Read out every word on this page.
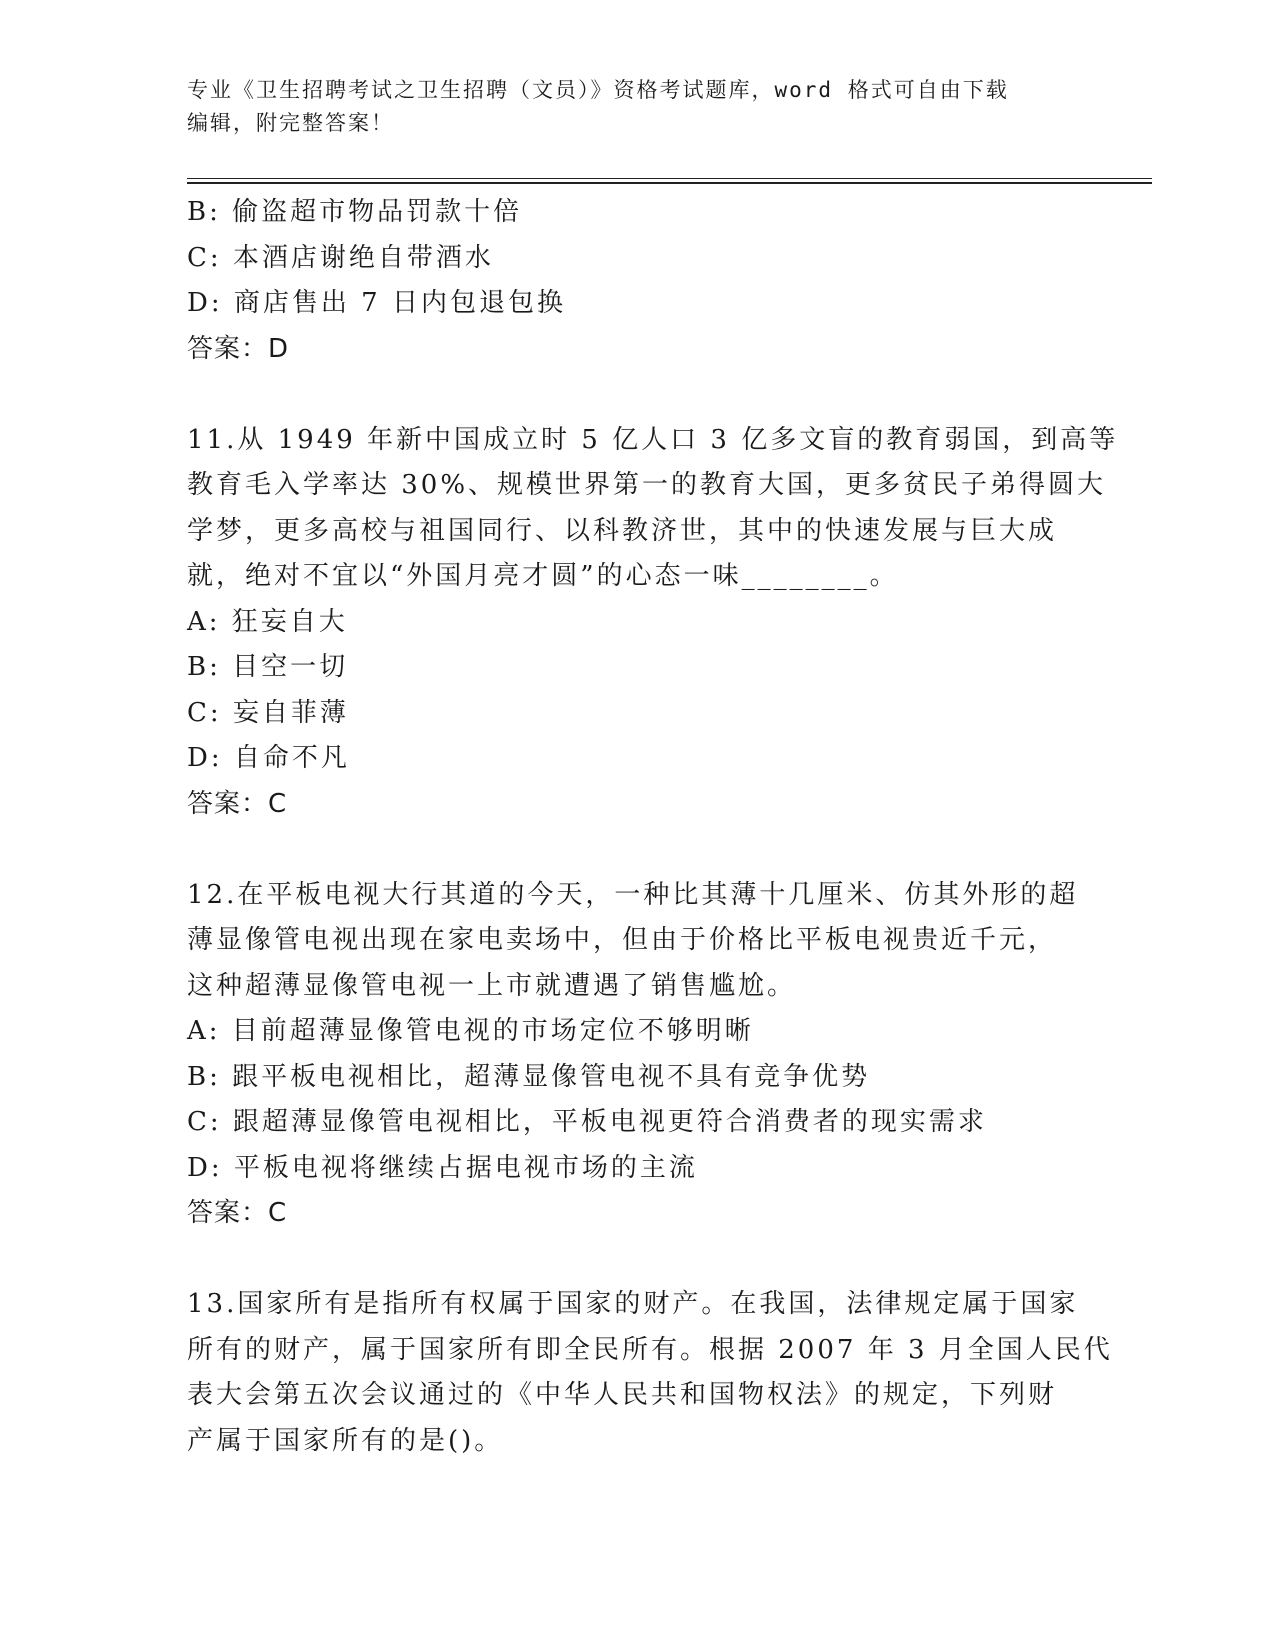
专业《卫生招聘考试之卫生招聘（文员）》资格考试题库，word 格式可自由下载
编辑，附完整答案！
B: 偷盗超市物品罚款十倍
C: 本酒店谢绝自带酒水
D: 商店售出 7 日内包退包换
答案：D
11.从 1949 年新中国成立时 5 亿人口 3 亿多文盲的教育弱国，到高等
教育毛入学率达 30%、规模世界第一的教育大国，更多贫民子弟得圆大
学梦，更多高校与祖国同行、以科教济世，其中的快速发展与巨大成
就，绝对不宜以“外国月亮才圆”的心态一味________。
A: 狂妄自大
B: 目空一切
C: 妄自菲薄
D: 自命不凡
答案：C
12.在平板电视大行其道的今天，一种比其薄十几厘米、仿其外形的超
薄显像管电视出现在家电卖场中，但由于价格比平板电视贵近千元，
这种超薄显像管电视一上市就遭遇了销售尴尬。
A: 目前超薄显像管电视的市场定位不够明晰
B: 跟平板电视相比，超薄显像管电视不具有竞争优势
C: 跟超薄显像管电视相比，平板电视更符合消费者的现实需求
D: 平板电视将继续占据电视市场的主流
答案：C
13.国家所有是指所有权属于国家的财产。在我国，法律规定属于国家
所有的财产，属于国家所有即全民所有。根据 2007 年 3 月全国人民代
表大会第五次会议通过的《中华人民共和国物权法》的规定，下列财
产属于国家所有的是()。
